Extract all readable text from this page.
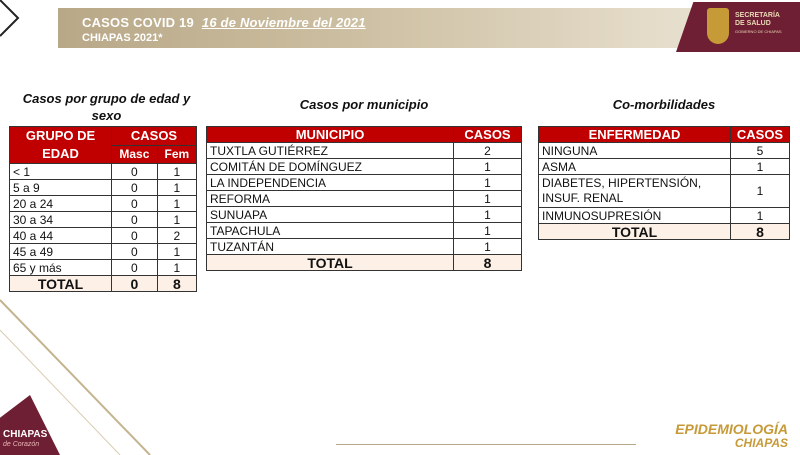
CASOS COVID 19 16 de Noviembre del 2021
CHIAPAS 2021*
SECRETARÍA
DE SALUD
GOBIERNO DE CHIAPAS
Casos por grupo de edad y sexo
GRUPO DE EDAD	CASOS	
	Masc	Fem
< 1	0	1
5 a 9	0	1
20 a 24	0	1
30 a 34	0	1
40 a 44	0	2
45 a 49	0	1
65 y más	0	1
TOTAL	0	8
Casos por municipio
MUNICIPIO	CASOS
TUXTLA GUTIÉRREZ	2
COMITÁN DE DOMÍNGUEZ	1
LA INDEPENDENCIA	1
REFORMA	1
SUNUAPA	1
TAPACHULA	1
TUZANTÁN	1
TOTAL	8
Co-morbilidades
ENFERMEDAD	CASOS
NINGUNA	5
ASMA	1
DIABETES, HIPERTENSIÓN, INSUF. RENAL	1
INMUNOSUPRESIÓN	1
TOTAL	8
EPIDEMIOLOGÍA
CHIAPAS
CHIAPAS
de Corazón
